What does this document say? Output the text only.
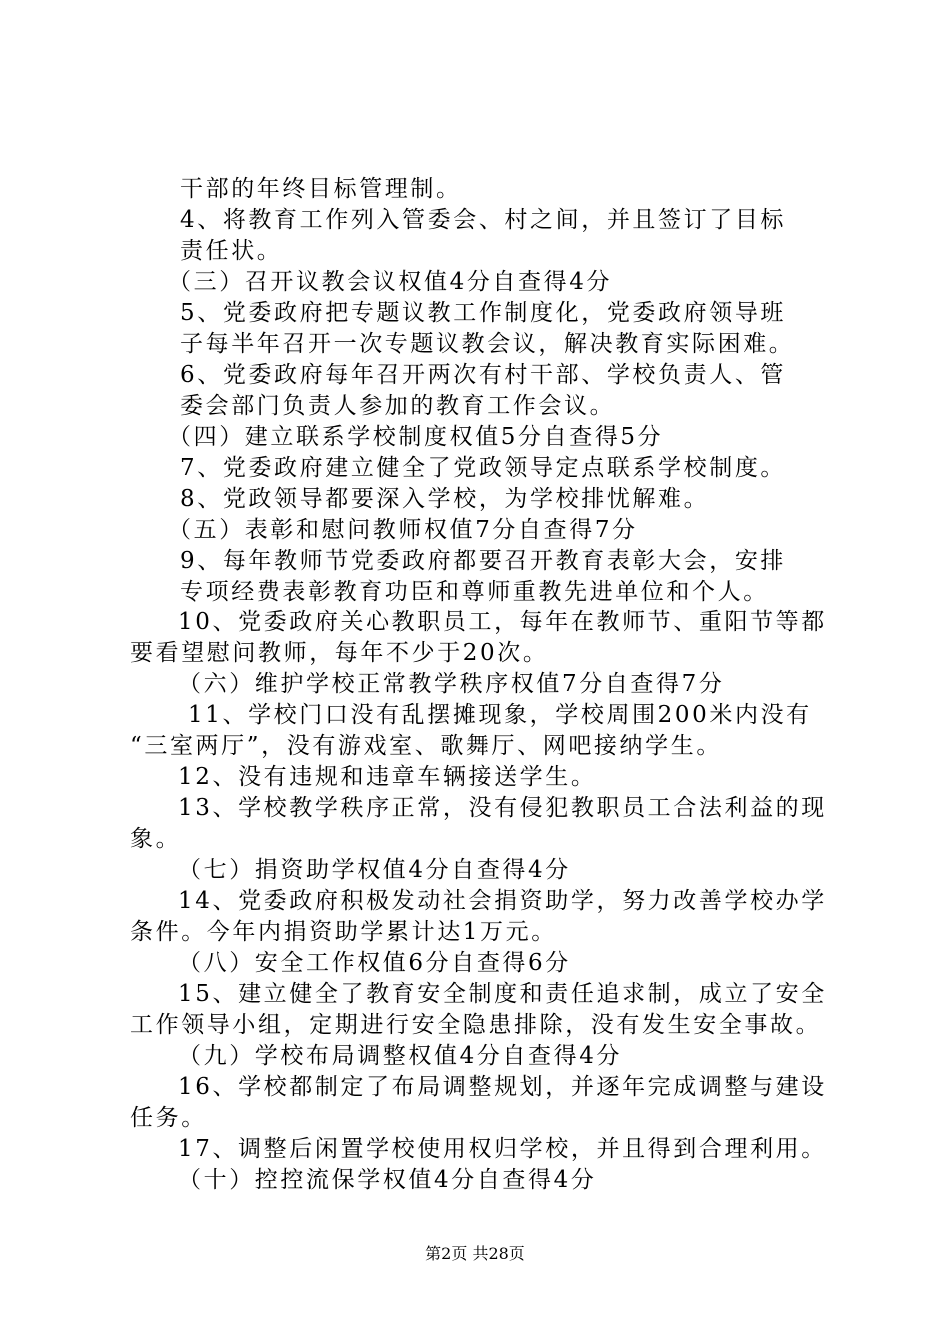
干部的年终目标管理制。
4、将教育工作列入管委会、村之间，并且签订了目标
责任状。
（三）召开议教会议权值4分自查得4分
5、党委政府把专题议教工作制度化，党委政府领导班
子每半年召开一次专题议教会议，解决教育实际困难。
6、党委政府每年召开两次有村干部、学校负责人、管
委会部门负责人参加的教育工作会议。
（四）建立联系学校制度权值5分自查得5分
7、党委政府建立健全了党政领导定点联系学校制度。
8、党政领导都要深入学校，为学校排忧解难。
（五）表彰和慰问教师权值7分自查得7分
9、每年教师节党委政府都要召开教育表彰大会，安排
专项经费表彰教育功臣和尊师重教先进单位和个人。
10、党委政府关心教职员工，每年在教师节、重阳节等都
要看望慰问教师，每年不少于20次。
（六）维护学校正常教学秩序权值7分自查得7分
11、学校门口没有乱摆摊现象，学校周围200米内没有
“三室两厅”，没有游戏室、歌舞厅、网吧接纳学生。
12、没有违规和违章车辆接送学生。
13、学校教学秩序正常，没有侵犯教职员工合法利益的现
象。
（七）捐资助学权值4分自查得4分
14、党委政府积极发动社会捐资助学，努力改善学校办学
条件。今年内捐资助学累计达1万元。
（八）安全工作权值6分自查得6分
15、建立健全了教育安全制度和责任追求制，成立了安全
工作领导小组，定期进行安全隐患排除，没有发生安全事故。
（九）学校布局调整权值4分自查得4分
16、学校都制定了布局调整规划，并逐年完成调整与建设
任务。
17、调整后闲置学校使用权归学校，并且得到合理利用。
（十）控控流保学权值4分自查得4分
第2页 共28页
